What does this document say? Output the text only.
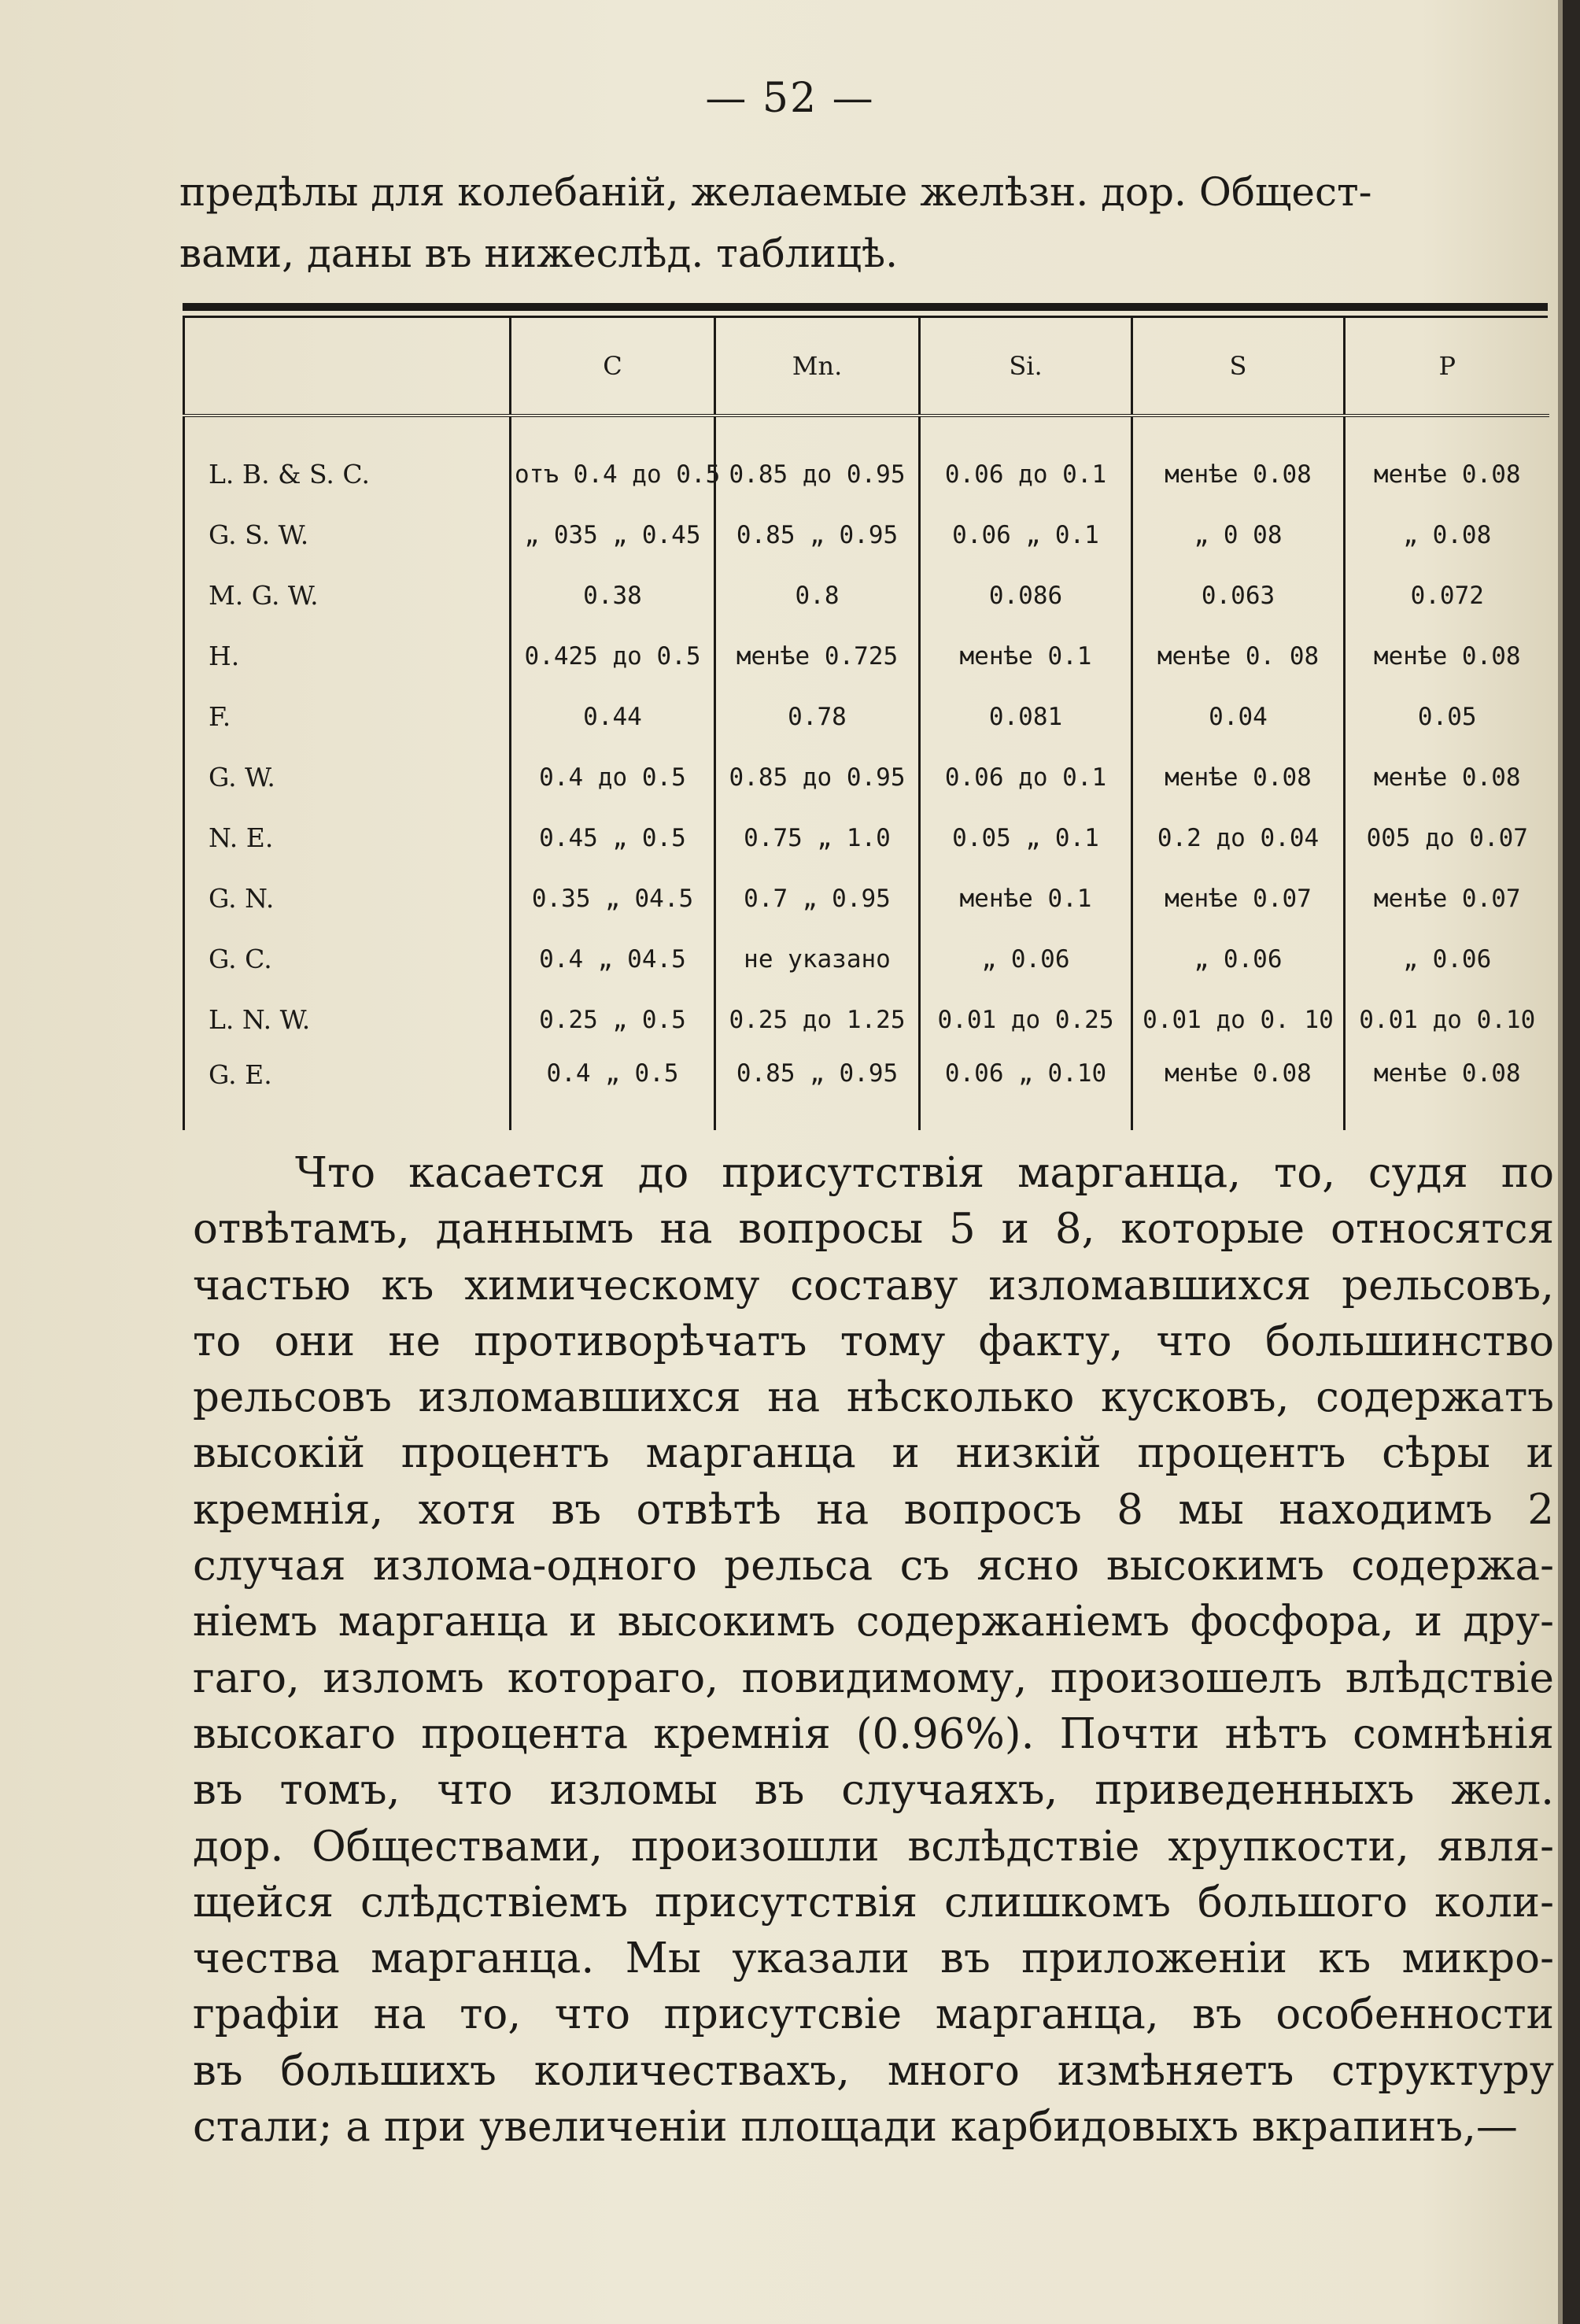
— 52 —
предѣлы для колебаній, желаемые желѣзн. дор. Общест-
вами, даны въ нижеслѣд. таблицѣ.
	C	Mn.	Si.	S	P
L. B. & S. C.	отъ 0.4 до 0.5	0.85 до 0.95	0.06 до 0.1	менѣе 0.08	менѣе 0.08
G. S. W.	„ 035 „ 0.45	0.85 „ 0.95	0.06 „ 0.1	„ 0 08	„ 0.08
M. G. W.	0.38	0.8	0.086	0.063	0.072
H.	0.425 до 0.5	менѣе 0.725	менѣе 0.1	менѣе 0. 08	менѣе 0.08
F.	0.44	0.78	0.081	0.04	0.05
G. W.	0.4 до 0.5	0.85 до 0.95	0.06 до 0.1	менѣе 0.08	менѣе 0.08
N. E.	0.45 „ 0.5	0.75 „ 1.0	0.05 „ 0.1	0.2 до 0.04	005 до 0.07
G. N.	0.35 „ 04.5	0.7 „ 0.95	менѣе 0.1	менѣе 0.07	менѣе 0.07
G. C.	0.4 „ 04.5	не указано	„ 0.06	„ 0.06	„ 0.06
L. N. W.	0.25 „ 0.5	0.25 до 1.25	0.01 до 0.25	0.01 до 0. 10	0.01 до 0.10
G. E.	0.4 „ 0.5	0.85 „ 0.95	0.06 „ 0.10	менѣе 0.08	менѣе 0.08
Что касается до присутствія марганца, то, судя по
отвѣтамъ, даннымъ на вопросы 5 и 8, которые относятся
частью къ химическому составу изломавшихся рельсовъ,
то они не противорѣчатъ тому факту, что большинство
рельсовъ изломавшихся на нѣсколько кусковъ, содержатъ
высокій процентъ марганца и низкій процентъ сѣры и
кремнія, хотя въ отвѣтѣ на вопросъ 8 мы находимъ 2
случая излома-одного рельса съ ясно высокимъ содержа-
ніемъ марганца и высокимъ содержаніемъ фосфора, и дру-
гаго, изломъ котораго, повидимому, произошелъ влѣдствіе
высокаго процента кремнія (0.96%). Почти нѣтъ сомнѣнія
въ томъ, что изломы въ случаяхъ, приведенныхъ жел.
дор. Обществами, произошли вслѣдствіе хрупкости, явля-
щейся слѣдствіемъ присутствія слишкомъ большого коли-
чества марганца. Мы указали въ приложеніи къ микро-
графіи на то, что присутсвіе марганца, въ особенности
въ большихъ количествахъ, много измѣняетъ структуру
стали; а при увеличеніи площади карбидовыхъ вкрапинъ,—
